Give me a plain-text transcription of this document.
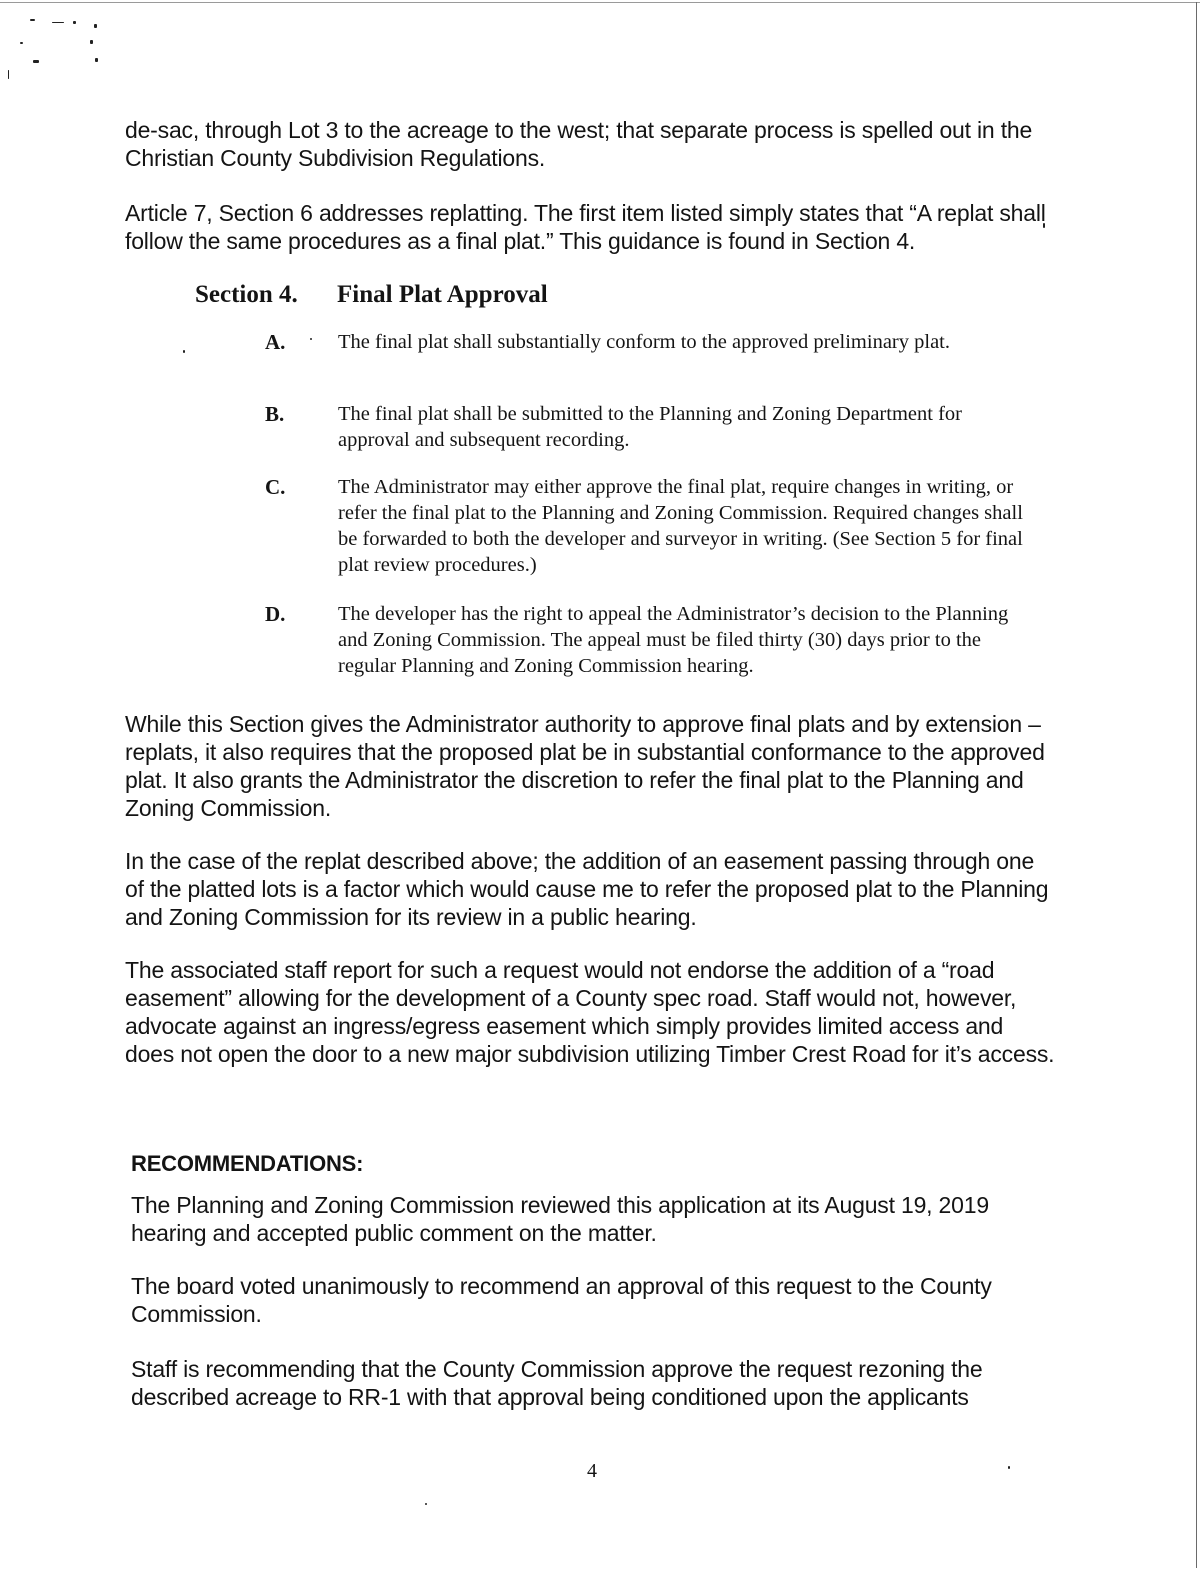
de-sac, through Lot 3 to the acreage to the west; that separate process is spelled out in the Christian County Subdivision Regulations.

Article 7, Section 6 addresses replatting. The first item listed simply states that “A replat shall follow the same procedures as a final plat.” This guidance is found in Section 4.

Section 4. Final Plat Approval
A.	The final plat shall substantially conform to the approved preliminary plat.
B.	The final plat shall be submitted to the Planning and Zoning Department for approval and subsequent recording.
C.	The Administrator may either approve the final plat, require changes in writing, or refer the final plat to the Planning and Zoning Commission. Required changes shall be forwarded to both the developer and surveyor in writing. (See Section 5 for final plat review procedures.)
D.	The developer has the right to appeal the Administrator’s decision to the Planning and Zoning Commission. The appeal must be filed thirty (30) days prior to the regular Planning and Zoning Commission hearing.

While this Section gives the Administrator authority to approve final plats and by extension – replats, it also requires that the proposed plat be in substantial conformance to the approved plat. It also grants the Administrator the discretion to refer the final plat to the Planning and Zoning Commission.

In the case of the replat described above; the addition of an easement passing through one of the platted lots is a factor which would cause me to refer the proposed plat to the Planning and Zoning Commission for its review in a public hearing.

The associated staff report for such a request would not endorse the addition of a “road easement” allowing for the development of a County spec road. Staff would not, however, advocate against an ingress/egress easement which simply provides limited access and does not open the door to a new major subdivision utilizing Timber Crest Road for it’s access.

RECOMMENDATIONS:

The Planning and Zoning Commission reviewed this application at its August 19, 2019 hearing and accepted public comment on the matter.

The board voted unanimously to recommend an approval of this request to the County Commission.

Staff is recommending that the County Commission approve the request rezoning the described acreage to RR-1 with that approval being conditioned upon the applicants

4
